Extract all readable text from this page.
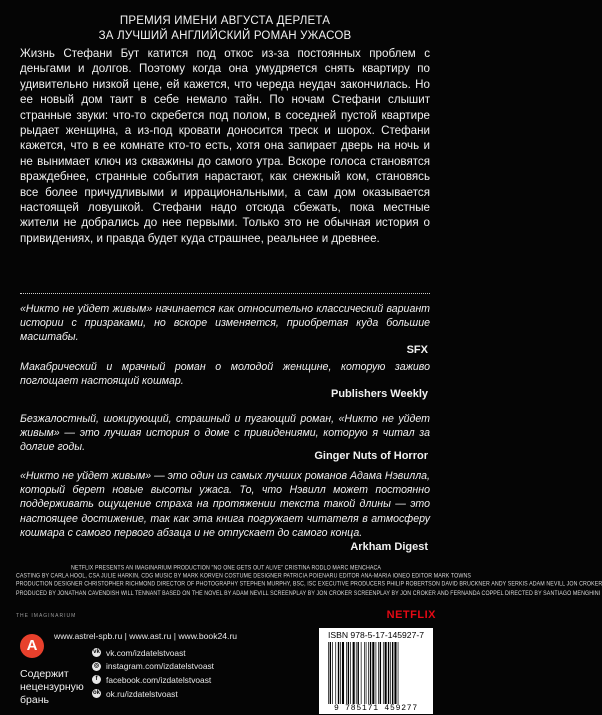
ПРЕМИЯ ИМЕНИ АВГУСТА ДЕРЛЕТА
ЗА ЛУЧШИЙ АНГЛИЙСКИЙ РОМАН УЖАСОВ

Жизнь Стефани Бут катится под откос из-за постоянных проблем с деньгами и долгов. Поэтому когда она умудряется снять квартиру по удивительно низкой цене, ей кажется, что череда неудач закончилась. Но ее новый дом таит в себе немало тайн. По ночам Стефани слышит странные звуки: что-то скребется под полом, в соседней пустой квартире рыдает женщина, а из-под кровати доносится треск и шорох. Стефани кажется, что в ее комнате кто-то есть, хотя она запирает дверь на ночь и не вынимает ключ из скважины до самого утра. Вскоре голоса становятся враждебнее, странные события нарастают, как снежный ком, становясь все более причудливыми и иррациональными, а сам дом оказывается настоящей ловушкой. Стефани надо отсюда сбежать, пока местные жители не добрались до нее первыми. Только это не обычная история о привидениях, и правда будет куда страшнее, реальнее и древнее.

«Никто не уйдет живым» начинается как относительно классический вариант истории с призраками, но вскоре изменяется, приобретая куда большие масштабы.

SFX

Макабрический и мрачный роман о молодой женщине, которую заживо поглощает настоящий кошмар.

Publishers Weekly

Безжалостный, шокирующий, страшный и пугающий роман, «Никто не уйдет живым» — это лучшая история о доме с привидениями, которую я читал за долгие годы.

Ginger Nuts of Horror

«Никто не уйдет живым» — это один из самых лучших романов Адама Нэвилла, который берет новые высоты ужаса. То, что Нэвилл может постоянно поддерживать ощущение страха на протяжении текста такой длины — это настоящее достижение, так как эта книга погружает читателя в атмосферу кошмара с самого первого абзаца и не отпускает до самого конца.

Arkham Digest
NETFLIX PRESENTS AN IMAGINARIUM PRODUCTION "NO ONE GETS OUT ALIVE" CRISTINA RODLO MARC MENCHACA
CASTING BY CARLA HOOL, CSA JULIE HARKIN, CDG MUSIC BY MARK KORVEN COSTUME DESIGNER PATRICIA POIENARU EDITOR ANA-MARIA IONEO EDITOR MARK TOWNS
PRODUCTION DESIGNER CHRISTOPHER RICHMOND DIRECTOR OF PHOTOGRAPHY STEPHEN MURPHY, BSC, ISC EXECUTIVE PRODUCERS PHILIP ROBERTSON DAVID BRUCKNER ANDY SERKIS ADAM NEVILL JON CROKER
PRODUCED BY JONATHAN CAVENDISH WILL TENNANT BASED ON THE NOVEL BY ADAM NEVILL SCREENPLAY BY JON CROKER SCREENPLAY BY JON CROKER AND FERNANDA COPPEL DIRECTED BY SANTIAGO MENGHINI
THE IMAGINARIUM	NETFLIX
A
www.astrel-spb.ru | www.ast.ru | www.book24.ru
vk vk.com/izdatelstvoast
◎ instagram.com/izdatelstvoast
f	facebook.com/izdatelstvoast
ok ok.ru/izdatelstvoast
Содержит
нецензурную
брань
ISBN 978-5-17-145927-7
9 785171 459277
